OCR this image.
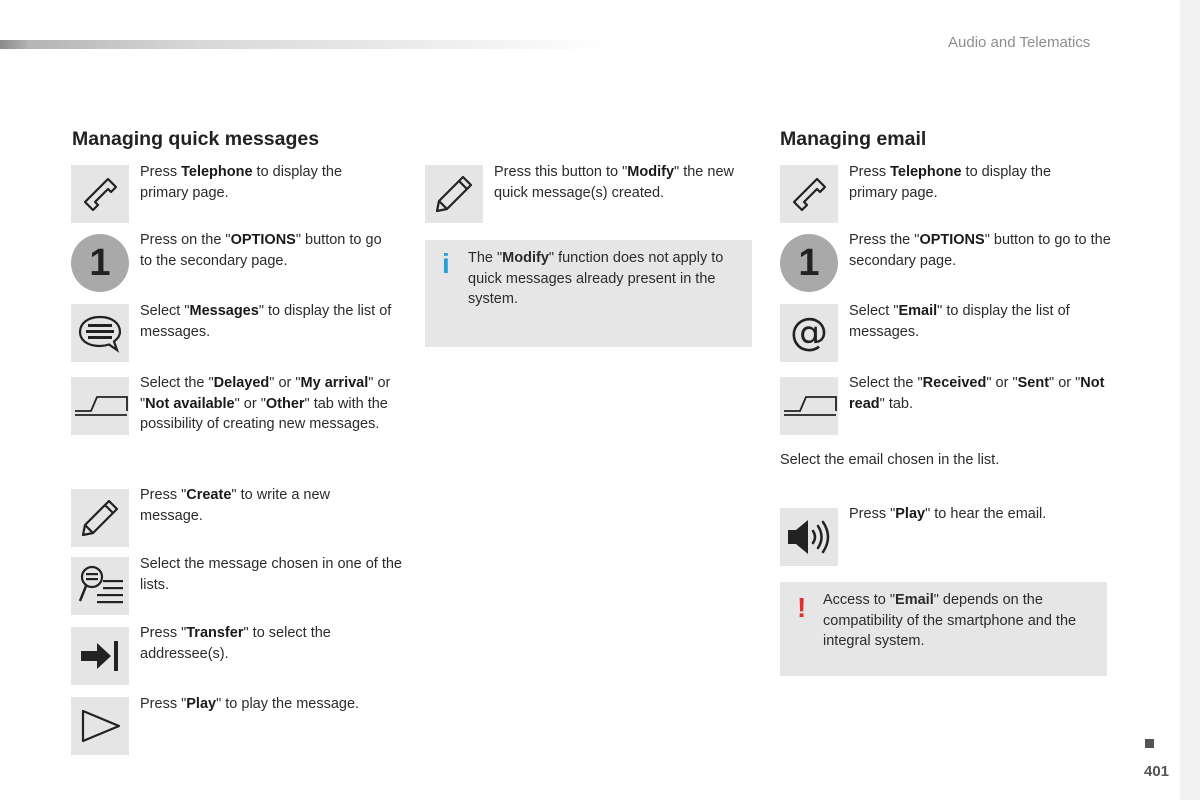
Audio and Telematics
Managing quick messages
Press Telephone to display the primary page.
1
Press on the "OPTIONS" button to go to the secondary page.
Select "Messages" to display the list of messages.
Select the "Delayed" or "My arrival" or "Not available" or "Other" tab with the possibility of creating new messages.
Press "Create" to write a new message.
Select the message chosen in one of the lists.
Press "Transfer" to select the addressee(s).
Press "Play" to play the message.
Press this button to "Modify" the new quick message(s) created.
i The "Modify" function does not apply to quick messages already present in the system.
Managing email
Press Telephone to display the primary page.
1
Press the "OPTIONS" button to go to the secondary page.
@ Select "Email" to display the list of messages.
Select the "Received" or "Sent" or "Not read" tab.
Select the email chosen in the list.
Press "Play" to hear the email.
! Access to "Email" depends on the compatibility of the smartphone and the integral system.
401
